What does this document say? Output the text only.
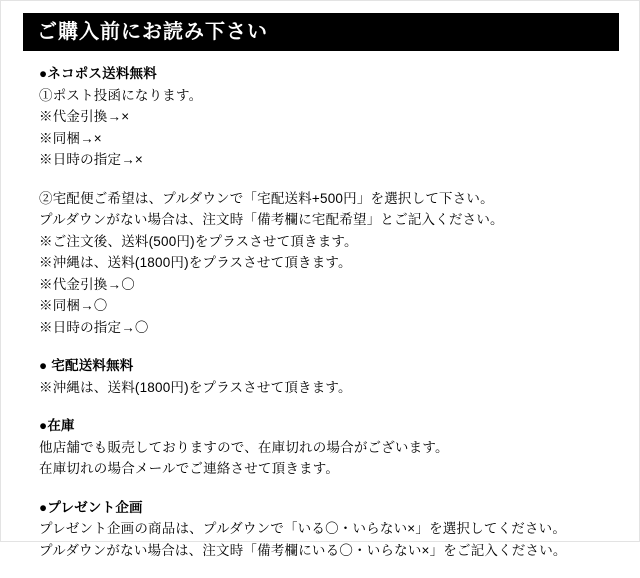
ご購入前にお読み下さい
●ネコポス送料無料
①ポスト投函になります。
※代金引換→×
※同梱→×
※日時の指定→×
②宅配便ご希望は、プルダウンで「宅配送料+500円」を選択して下さい。
プルダウンがない場合は、注文時「備考欄に宅配希望」とご記入ください。
※ご注文後、送料(500円)をプラスさせて頂きます。
※沖縄は、送料(1800円)をプラスさせて頂きます。
※代金引換→〇
※同梱→〇
※日時の指定→〇
● 宅配送料無料
※沖縄は、送料(1800円)をプラスさせて頂きます。
●在庫
他店舗でも販売しておりますので、在庫切れの場合がございます。
在庫切れの場合メールでご連絡させて頂きます。
●プレゼント企画
プレゼント企画の商品は、プルダウンで「いる〇・いらない×」を選択してください。
プルダウンがない場合は、注文時「備考欄にいる〇・いらない×」をご記入ください。
